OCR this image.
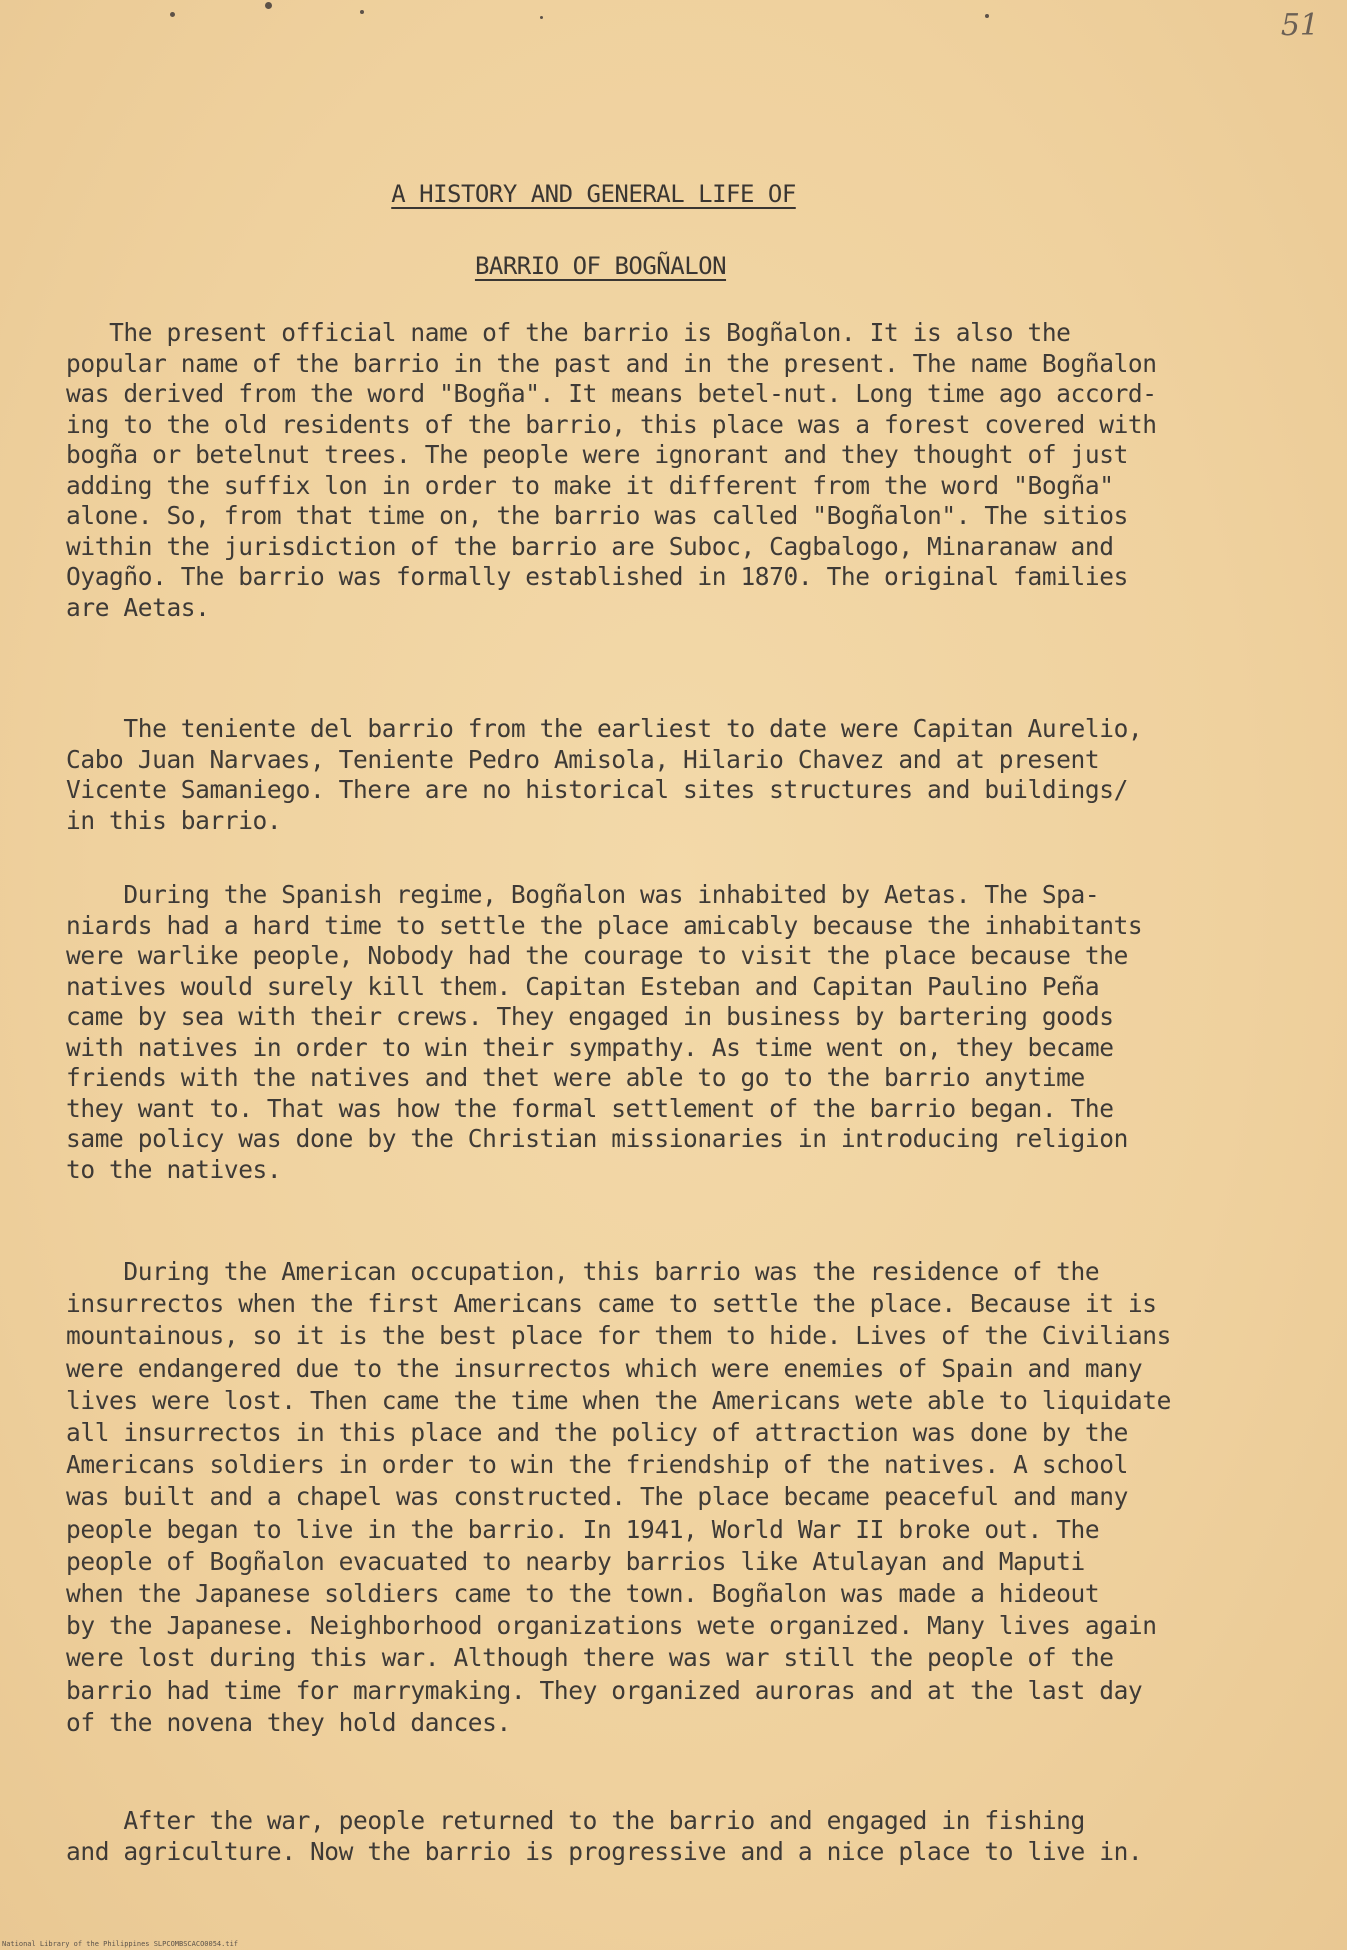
51
A HISTORY AND GENERAL LIFE OF
BARRIO OF BOGÑALON

The present official name of the barrio is Bogñalon. It is also the
popular name of the barrio in the past and in the present. The name Bogñalon
was derived from the word "Bogña". It means betel-nut. Long time ago accord-
ing to the old residents of the barrio, this place was a forest covered with
bogña or betelnut trees. The people were ignorant and they thought of just
adding the suffix lon in order to make it different from the word "Bogña"
alone. So, from that time on, the barrio was called "Bogñalon". The sitios
within the jurisdiction of the barrio are Suboc, Cagbalogo, Minaranaw and
Oyagño. The barrio was formally established in 1870. The original families
are Aetas.

The teniente del barrio from the earliest to date were Capitan Aurelio,
Cabo Juan Narvaes, Teniente Pedro Amisola, Hilario Chavez and at present
Vicente Samaniego. There are no historical sites structures and buildings/
in this barrio.

During the Spanish regime, Bogñalon was inhabited by Aetas. The Spa-
niards had a hard time to settle the place amicably because the inhabitants
were warlike people, Nobody had the courage to visit the place because the
natives would surely kill them. Capitan Esteban and Capitan Paulino Peña
came by sea with their crews. They engaged in business by bartering goods
with natives in order to win their sympathy. As time went on, they became
friends with the natives and thet were able to go to the barrio anytime
they want to. That was how the formal settlement of the barrio began. The
same policy was done by the Christian missionaries in introducing religion
to the natives.

During the American occupation, this barrio was the residence of the
insurrectos when the first Americans came to settle the place. Because it is
mountainous, so it is the best place for them to hide. Lives of the Civilians
were endangered due to the insurrectos which were enemies of Spain and many
lives were lost. Then came the time when the Americans wete able to liquidate
all insurrectos in this place and the policy of attraction was done by the
Americans soldiers in order to win the friendship of the natives. A school
was built and a chapel was constructed. The place became peaceful and many
people began to live in the barrio. In 1941, World War II broke out. The
people of Bogñalon evacuated to nearby barrios like Atulayan and Maputi
when the Japanese soldiers came to the town. Bogñalon was made a hideout
by the Japanese. Neighborhood organizations wete organized. Many lives again
were lost during this war. Although there was war still the people of the
barrio had time for marrymaking. They organized auroras and at the last day
of the novena they hold dances.

After the war, people returned to the barrio and engaged in fishing
and agriculture. Now the barrio is progressive and a nice place to live in.

National Library of the Philippines SLPCOMBSCACO0054.tif
